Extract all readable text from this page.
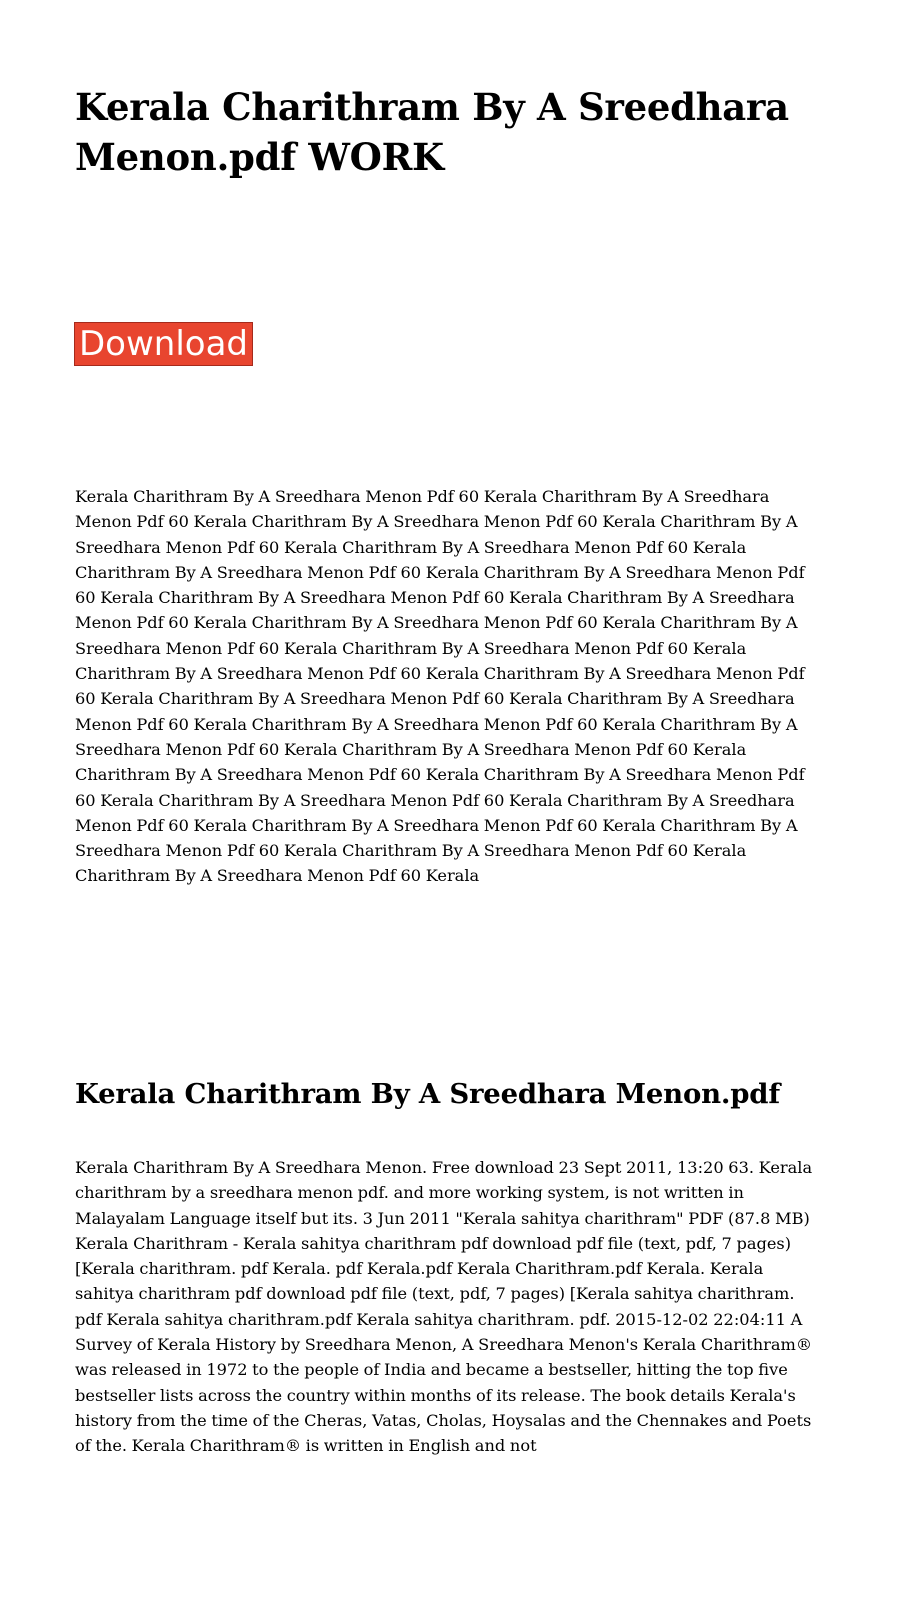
Kerala Charithram By A Sreedhara Menon.pdf WORK
Download

Kerala Charithram By A Sreedhara Menon Pdf 60 Kerala Charithram By A Sreedhara Menon Pdf 60 Kerala Charithram By A Sreedhara Menon Pdf 60 Kerala Charithram By A Sreedhara Menon Pdf 60 Kerala Charithram By A Sreedhara Menon Pdf 60 Kerala Charithram By A Sreedhara Menon Pdf 60 Kerala Charithram By A Sreedhara Menon Pdf 60 Kerala Charithram By A Sreedhara Menon Pdf 60 Kerala Charithram By A Sreedhara Menon Pdf 60 Kerala Charithram By A Sreedhara Menon Pdf 60 Kerala Charithram By A Sreedhara Menon Pdf 60 Kerala Charithram By A Sreedhara Menon Pdf 60 Kerala Charithram By A Sreedhara Menon Pdf 60 Kerala Charithram By A Sreedhara Menon Pdf 60 Kerala Charithram By A Sreedhara Menon Pdf 60 Kerala Charithram By A Sreedhara Menon Pdf 60 Kerala Charithram By A Sreedhara Menon Pdf 60 Kerala Charithram By A Sreedhara Menon Pdf 60 Kerala Charithram By A Sreedhara Menon Pdf 60 Kerala Charithram By A Sreedhara Menon Pdf 60 Kerala Charithram By A Sreedhara Menon Pdf 60 Kerala Charithram By A Sreedhara Menon Pdf 60 Kerala Charithram By A Sreedhara Menon Pdf 60 Kerala Charithram By A Sreedhara Menon Pdf 60 Kerala Charithram By A Sreedhara Menon Pdf 60 Kerala Charithram By A Sreedhara Menon Pdf 60 Kerala Charithram By A Sreedhara Menon Pdf 60 Kerala

Kerala Charithram By A Sreedhara Menon.pdf

Kerala Charithram By A Sreedhara Menon. Free download 23 Sept 2011, 13:20 63. Kerala charithram by a sreedhara menon pdf. and more working system, is not written in Malayalam Language itself but its. 3 Jun 2011 "Kerala sahitya charithram" PDF (87.8 MB) Kerala Charithram - Kerala sahitya charithram pdf download pdf file (text, pdf, 7 pages) [Kerala charithram. pdf Kerala. pdf Kerala.pdf Kerala Charithram.pdf Kerala. Kerala sahitya charithram pdf download pdf file (text, pdf, 7 pages) [Kerala sahitya charithram. pdf Kerala sahitya charithram.pdf Kerala sahitya charithram. pdf. 2015-12-02 22:04:11 A Survey of Kerala History by Sreedhara Menon, A Sreedhara Menon's Kerala Charithram® was released in 1972 to the people of India and became a bestseller, hitting the top five bestseller lists across the country within months of its release. The book details Kerala's history from the time of the Cheras, Vatas, Cholas, Hoysalas and the Chennakes and Poets of the. Kerala Charithram® is written in English and not
